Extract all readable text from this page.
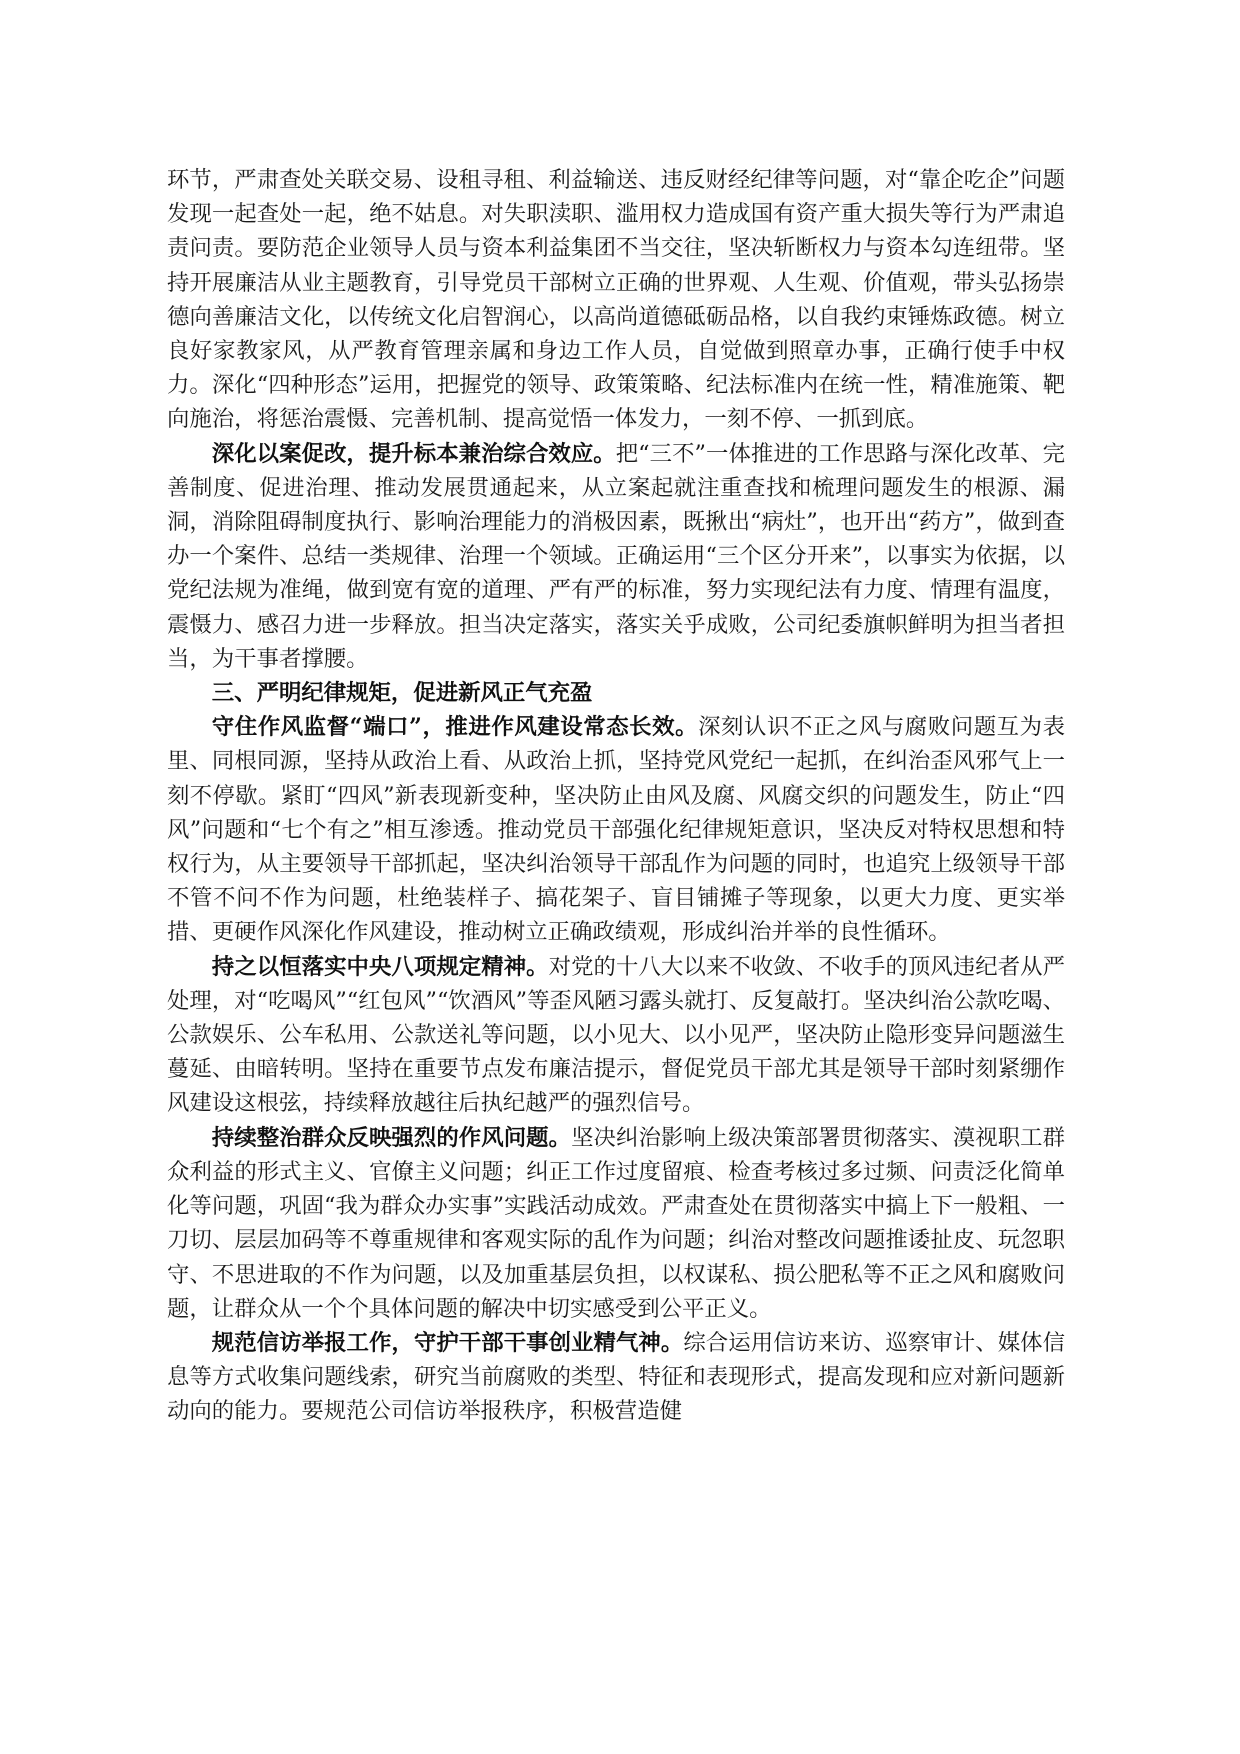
环节，严肃查处关联交易、设租寻租、利益输送、违反财经纪律等问题，对“靠企吃企”问题发现一起查处一起，绝不姑息。对失职渎职、滥用权力造成国有资产重大损失等行为严肃追责问责。要防范企业领导人员与资本利益集团不当交往，坚决斩断权力与资本勾连纽带。坚持开展廉洁从业主题教育，引导党员干部树立正确的世界观、人生观、价值观，带头弘扬崇德向善廉洁文化，以传统文化启智润心，以高尚道德砥砺品格，以自我约束锤炼政德。树立良好家教家风，从严教育管理亲属和身边工作人员，自觉做到照章办事，正确行使手中权力。深化“四种形态”运用，把握党的领导、政策策略、纪法标准内在统一性，精准施策、靶向施治，将惩治震慑、完善机制、提高觉悟一体发力，一刻不停、一抓到底。

深化以案促改，提升标本兼治综合效应。把“三不”一体推进的工作思路与深化改革、完善制度、促进治理、推动发展贯通起来，从立案起就注重查找和梳理问题发生的根源、漏洞，消除阻碍制度执行、影响治理能力的消极因素，既揪出“病灶”，也开出“药方”，做到查办一个案件、总结一类规律、治理一个领域。正确运用“三个区分开来”，以事实为依据，以党纪法规为准绳，做到宽有宽的道理、严有严的标准，努力实现纪法有力度、情理有温度，震慑力、感召力进一步释放。担当决定落实，落实关乎成败，公司纪委旗帜鲜明为担当者担当，为干事者撑腰。

三、严明纪律规矩，促进新风正气充盈

守住作风监督“端口”，推进作风建设常态长效。深刻认识不正之风与腐败问题互为表里、同根同源，坚持从政治上看、从政治上抓，坚持党风党纪一起抓，在纠治歪风邪气上一刻不停歇。紧盯“四风”新表现新变种，坚决防止由风及腐、风腐交织的问题发生，防止“四风”问题和“七个有之”相互渗透。推动党员干部强化纪律规矩意识，坚决反对特权思想和特权行为，从主要领导干部抓起，坚决纠治领导干部乱作为问题的同时，也追究上级领导干部不管不问不作为问题，杜绝装样子、搞花架子、盲目铺摊子等现象，以更大力度、更实举措、更硬作风深化作风建设，推动树立正确政绩观，形成纠治并举的良性循环。

持之以恒落实中央八项规定精神。对党的十八大以来不收敛、不收手的顶风违纪者从严处理，对“吃喝风”“红包风”“饮酒风”等歪风陋习露头就打、反复敲打。坚决纠治公款吃喝、公款娱乐、公车私用、公款送礼等问题，以小见大、以小见严，坚决防止隐形变异问题滋生蔓延、由暗转明。坚持在重要节点发布廉洁提示，督促党员干部尤其是领导干部时刻紧绷作风建设这根弦，持续释放越往后执纪越严的强烈信号。

持续整治群众反映强烈的作风问题。坚决纠治影响上级决策部署贯彻落实、漠视职工群众利益的形式主义、官僚主义问题；纠正工作过度留痕、检查考核过多过频、问责泛化简单化等问题，巩固“我为群众办实事”实践活动成效。严肃查处在贯彻落实中搞上下一般粗、一刀切、层层加码等不尊重规律和客观实际的乱作为问题；纠治对整改问题推诿扯皮、玩忽职守、不思进取的不作为问题，以及加重基层负担，以权谋私、损公肥私等不正之风和腐败问题，让群众从一个个具体问题的解决中切实感受到公平正义。

规范信访举报工作，守护干部干事创业精气神。综合运用信访来访、巡察审计、媒体信息等方式收集问题线索，研究当前腐败的类型、特征和表现形式，提高发现和应对新问题新动向的能力。要规范公司信访举报秩序，积极营造健
